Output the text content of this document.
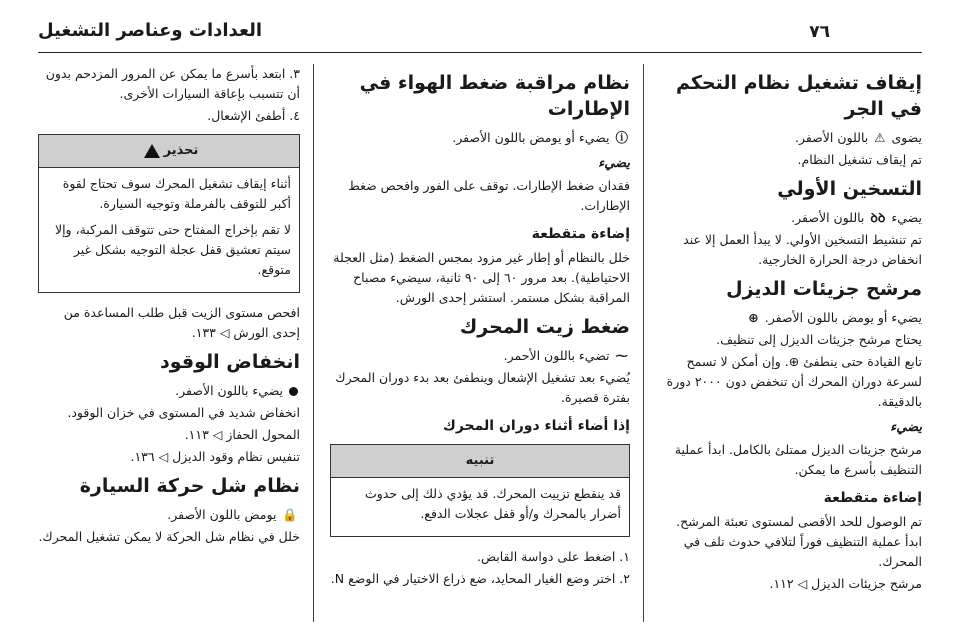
٧٦
العدادات وعناصر التشغيل
إيقاف تشغيل نظام التحكم في الجر

يضوى ⚠ باللون الأصفر.

تم إيقاف تشغيل النظام.

التسخين الأولي

يضيء ꝺꝺ باللون الأصفر.

تم تنشيط التسخين الأولي. لا يبدأ العمل إلا عند انخفاض درجة الحرارة الخارجية.

مرشح جزيئات الديزل

يضيء أو يومض باللون الأصفر. ⊕

يحتاج مرشح جزيئات الديزل إلى تنظيف.

تابع القيادة حتى ينطفئ ⊕. وإن أمكن لا تسمح لسرعة دوران المحرك أن تنخفض دون ٢٠٠٠ دورة بالدقيقة.

يضيء

مرشح جزيئات الديزل ممتلئ بالكامل. ابدأ عملية التنظيف بأسرع ما يمكن.

إضاءة متقطعة

تم الوصول للحد الأقصى لمستوى تعبئة المرشح. ابدأ عملية التنظيف فوراً لتلافي حدوث تلف في المحرك.

مرشح جزيئات الديزل ◁ ١١٢.

نظام مراقبة ضغط الهواء في الإطارات

ⓘ يضيء أو يومض باللون الأصفر.

يضيء

فقدان ضغط الإطارات. توقف على الفور وافحص ضغط الإطارات.

إضاءة متقطعة

خلل بالنظام أو إطار غير مزود بمجس الضغط (مثل العجلة الاحتياطية). بعد مرور ٦٠ إلى ٩٠ ثانية، سيضيء مصباح المراقبة بشكل مستمر. استشر إحدى الورش.

ضغط زيت المحرك

⁓ تضيء باللون الأحمر.

يُضيء بعد تشغيل الإشعال وينطفئ بعد بدء دوران المحرك بفترة قصيرة.

إذا أضاء أثناء دوران المحرك
تنبيه

قد ينقطع تزييت المحرك. قد يؤدي ذلك إلى حدوث أضرار بالمحرك و/أو قفل عجلات الدفع.

١. اضغط على دواسة القابض.
٢. اختر وضع الغيار المحايد، ضع ذراع الاختيار في الوضع N.
٣. ابتعد بأسرع ما يمكن عن المرور المزدحم بدون أن تتسبب بإعاقة السيارات الأخرى.
٤. أطفئ الإشعال.
تحذير

أثناء إيقاف تشغيل المحرك سوف تحتاج لقوة أكبر للتوقف بالفرملة وتوجيه السيارة.

لا تقم بإخراج المفتاح حتى تتوقف المركبة، وإلا سيتم تعشيق قفل عجلة التوجيه بشكل غير متوقع.

افحص مستوى الزيت قبل طلب المساعدة من إحدى الورش ◁ ١٣٣.

انخفاض الوقود

يضيء باللون الأصفر.

انخفاض شديد في المستوى في خزان الوقود.

المحول الحفاز ◁ ١١٣.

تنفيس نظام وقود الديزل ◁ ١٣٦.

نظام شل حركة السيارة

🔒 يومض باللون الأصفر.

خلل في نظام شل الحركة لا يمكن تشغيل المحرك.
